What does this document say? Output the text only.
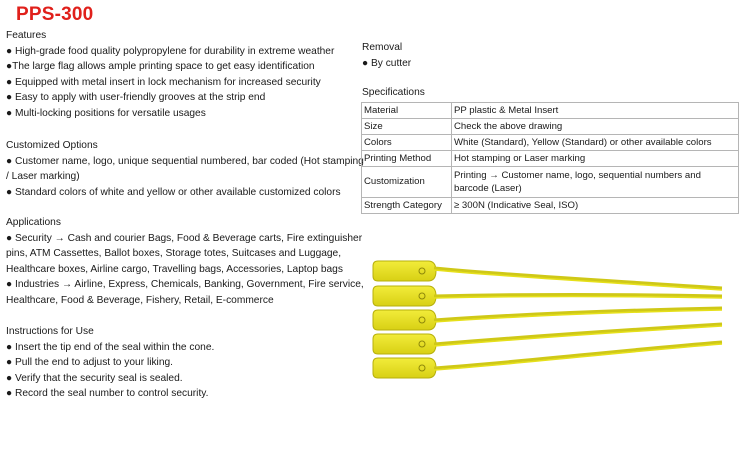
PPS-300

Features

● High-grade food quality polypropylene for durability in extreme weather

●The large flag allows ample printing space to get easy identification

● Equipped with metal insert in lock mechanism for increased security

● Easy to apply with user-friendly grooves at the strip end

● Multi-locking positions for versatile usages

Customized Options

● Customer name, logo, unique sequential numbered, bar coded (Hot stamping / Laser marking)

● Standard colors of white and yellow or other available customized colors

Applications

● Security → Cash and courier Bags, Food & Beverage carts, Fire extinguisher pins, ATM Cassettes, Ballot boxes, Storage totes, Suitcases and Luggage, Healthcare boxes, Airline cargo, Travelling bags, Accessories, Laptop bags

● Industries → Airline, Express, Chemicals, Banking, Government, Fire service, Healthcare, Food & Beverage, Fishery, Retail, E-commerce

Instructions for Use

● Insert the tip end of the seal within the cone.

● Pull the end to adjust to your liking.

● Verify that the security seal is sealed.

● Record the seal number to control security.

Removal

● By cutter

Specifications

Material	PP plastic & Metal Insert
Size	Check the above drawing
Colors	White (Standard), Yellow (Standard) or other available colors
Printing Method	Hot stamping or Laser marking
Customization	Printing → Customer name, logo, sequential numbers and barcode (Laser)
Strength Category	≥ 300N (Indicative Seal, ISO)
